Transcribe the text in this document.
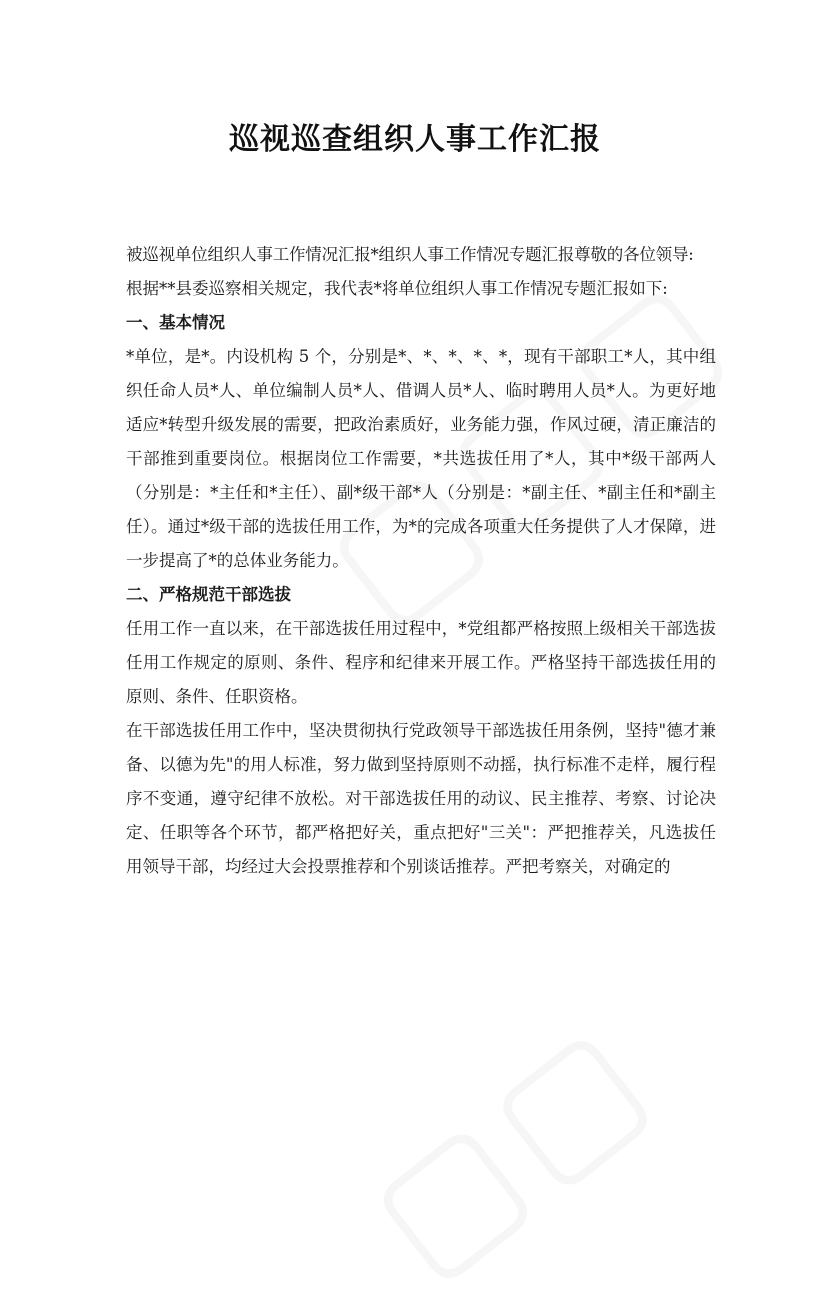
巡视巡查组织人事工作汇报

被巡视单位组织人事工作情况汇报*组织人事工作情况专题汇报尊敬的各位领导:

根据**县委巡察相关规定，我代表*将单位组织人事工作情况专题汇报如下:

一、基本情况

*单位，是*。内设机构 5 个，分别是*、*、*、*、*，现有干部职工*人，其中组织任命人员*人、单位编制人员*人、借调人员*人、临时聘用人员*人。为更好地适应*转型升级发展的需要，把政治素质好，业务能力强，作风过硬，清正廉洁的干部推到重要岗位。根据岗位工作需要，*共选拔任用了*人，其中*级干部两人（分别是：*主任和*主任）、副*级干部*人（分别是：*副主任、*副主任和*副主任）。通过*级干部的选拔任用工作，为*的完成各项重大任务提供了人才保障，进一步提高了*的总体业务能力。

二、严格规范干部选拔

任用工作一直以来，在干部选拔任用过程中，*党组都严格按照上级相关干部选拔任用工作规定的原则、条件、程序和纪律来开展工作。严格坚持干部选拔任用的原则、条件、任职资格。

在干部选拔任用工作中，坚决贯彻执行党政领导干部选拔任用条例，坚持"德才兼备、以德为先"的用人标准，努力做到坚持原则不动摇，执行标准不走样，履行程序不变通，遵守纪律不放松。对干部选拔任用的动议、民主推荐、考察、讨论决定、任职等各个环节，都严格把好关，重点把好"三关"：严把推荐关，凡选拔任用领导干部，均经过大会投票推荐和个别谈话推荐。严把考察关，对确定的
